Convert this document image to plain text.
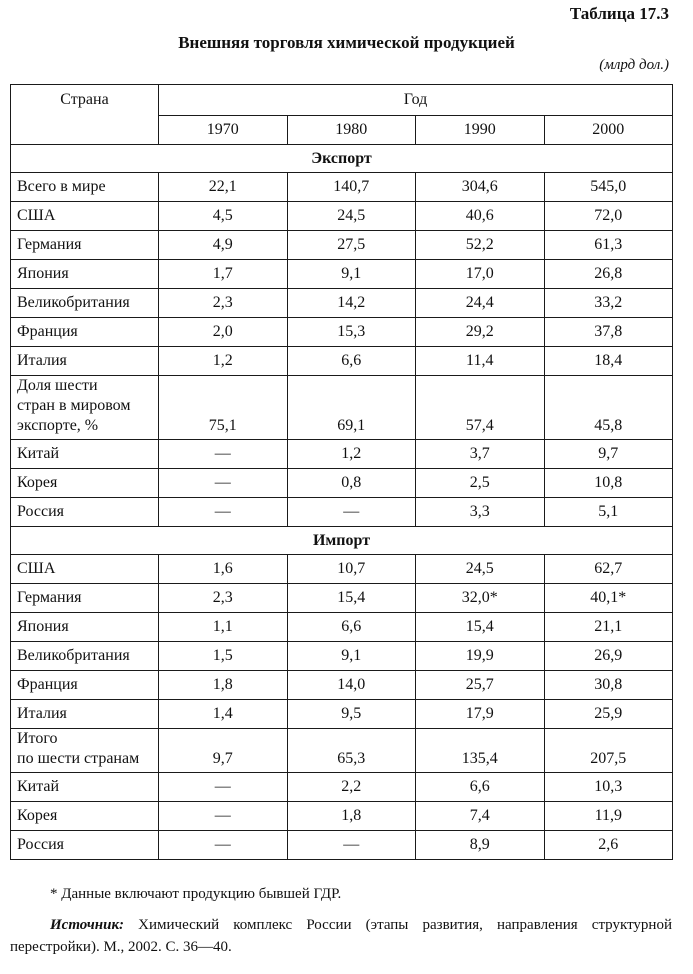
Таблица 17.3
Внешняя торговля химической продукцией
(млрд дол.)
Страна	Год			
	1970	1980	1990	2000
Экспорт				
Всего в мире	22,1	140,7	304,6	545,0
США	4,5	24,5	40,6	72,0
Германия	4,9	27,5	52,2	61,3
Япония	1,7	9,1	17,0	26,8
Великобритания	2,3	14,2	24,4	33,2
Франция	2,0	15,3	29,2	37,8
Италия	1,2	6,6	11,4	18,4

Доля шести
стран в мировом
экспорте, %	75,1	69,1	57,4	45,8
Китай	—	1,2	3,7	9,7
Корея	—	0,8	2,5	10,8
Россия	—	—	3,3	5,1
Импорт				
США	1,6	10,7	24,5	62,7
Германия	2,3	15,4	32,0*	40,1*
Япония	1,1	6,6	15,4	21,1
Великобритания	1,5	9,1	19,9	26,9
Франция	1,8	14,0	25,7	30,8
Италия	1,4	9,5	17,9	25,9

Итого
по шести странам	9,7	65,3	135,4	207,5
Китай	—	2,2	6,6	10,3
Корея	—	1,8	7,4	11,9
Россия	—	—	8,9	2,6
* Данные включают продукцию бывшей ГДР.
Источник: Химический комплекс России (этапы развития, направления структурной перестройки). М., 2002. С. 36—40.
